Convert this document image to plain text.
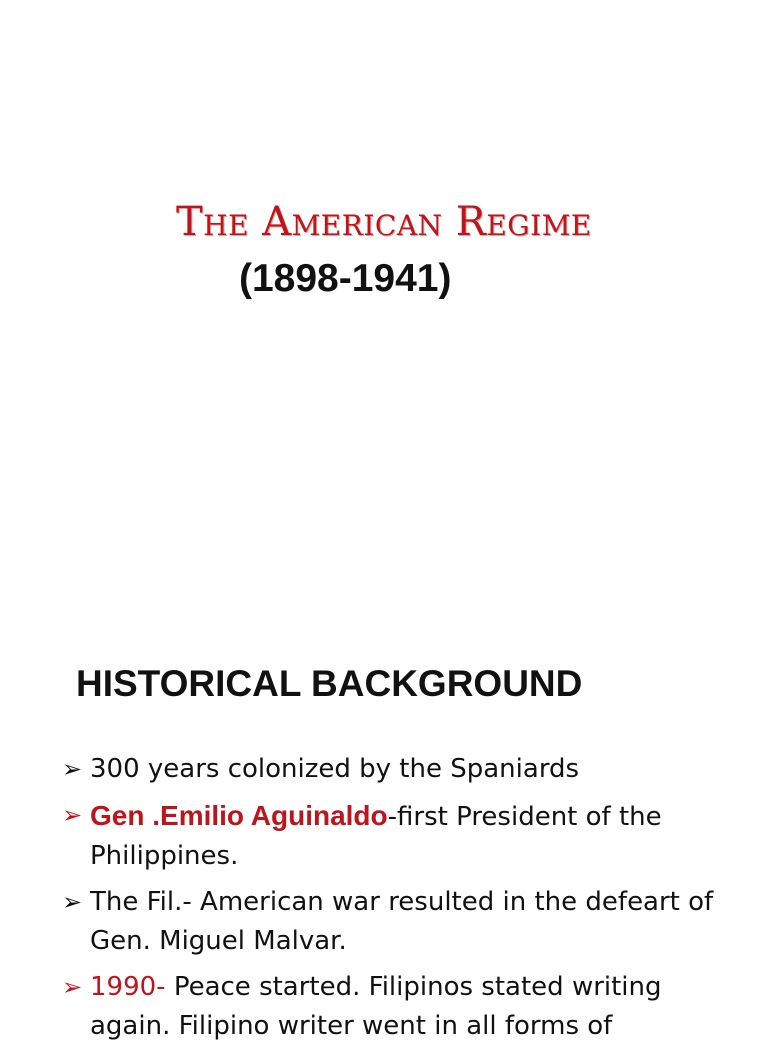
The American Regime
(1898-1941)
HISTORICAL BACKGROUND
➢ 300 years colonized by the Spaniards
➢ Gen .Emilio Aguinaldo-first President of the Philippines.
➢ The Fil.- American war resulted in the defeart of Gen. Miguel Malvar.
➢ 1990- Peace started. Filipinos stated writing again. Filipino writer went in all forms of
